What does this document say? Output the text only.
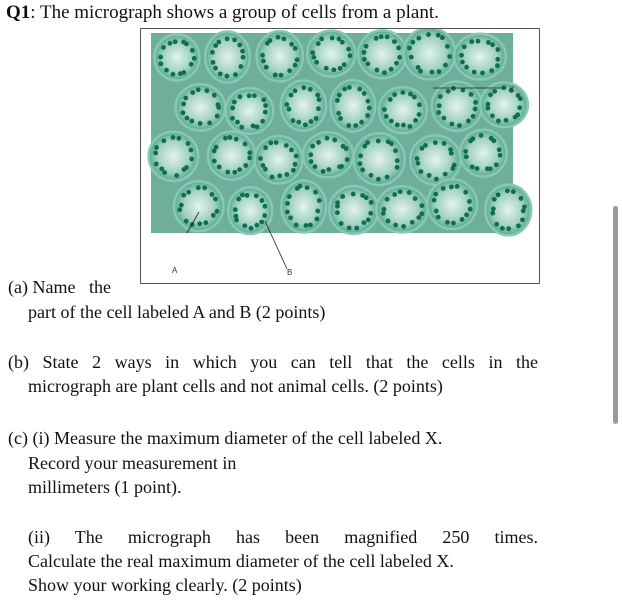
Q1: The micrograph shows a group of cells from a plant.
A	B
X
(a) Name the
part of the cell labeled A and B (2 points)
(b) State 2 ways in which you can tell that the cells in the
micrograph are plant cells and not animal cells. (2 points)
(c) (i) Measure the maximum diameter of the cell labeled X.
Record your measurement in
millimeters (1 point).
(ii) The micrograph has been magnified 250 times.
Calculate the real maximum diameter of the cell labeled X.
Show your working clearly. (2 points)
